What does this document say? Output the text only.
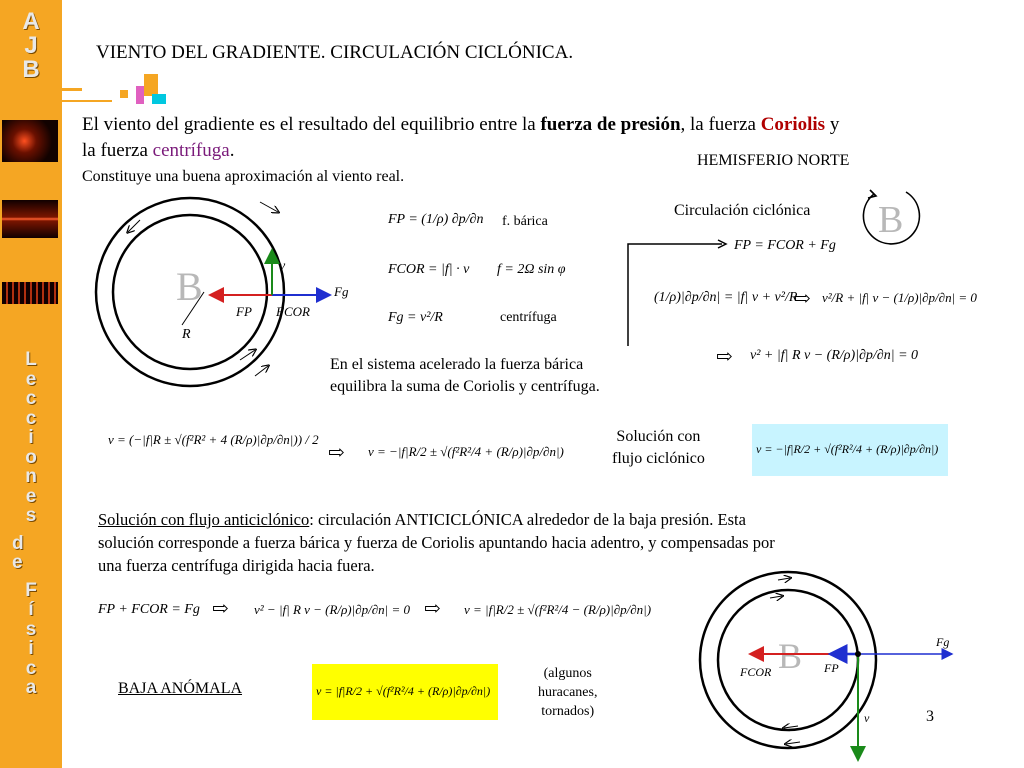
A
J
B
L
e
c
c
i
o
n
e
s
d
e
F
í
s
i
c
a
VIENTO DEL GRADIENTE. CIRCULACIÓN CICLÓNICA.
El viento del gradiente es el resultado del equilibrio entre la fuerza de presión, la fuerza Coriolis y
la fuerza centrífuga.
Constituye una buena aproximación al viento real.
HEMISFERIO NORTE
B
R
v
Fg
FP FCOR
FP = (1/ρ) ∂p/∂n f. bárica
FCOR = |f| · v f = 2Ω sin φ
Fg = v²/R	centrífuga
Circulación ciclónica B
FP = FCOR + Fg
(1/ρ)|∂p/∂n| = |f| v + v²/R
⇨ v²/R + |f| v − (1/ρ)|∂p/∂n| = 0
⇨ v² + |f| R v − (R/ρ)|∂p/∂n| = 0
En el sistema acelerado la fuerza bárica
equilibra la suma de Coriolis y centrífuga.
v = (−|f|R ± √(f²R² + 4 (R/ρ)|∂p/∂n|)) / 2
⇨ v = −|f|R/2 ± √(f²R²/4 + (R/ρ)|∂p/∂n|)
Solución con
flujo ciclónico
v = −|f|R/2 + √(f²R²/4 + (R/ρ)|∂p/∂n|)
Solución con flujo anticiclónico: circulación ANTICICLÓNICA alrededor de la baja presión. Esta
solución corresponde a fuerza bárica y fuerza de Coriolis apuntando hacia adentro, y compensadas por
una fuerza centrífuga dirigida hacia fuera.
FP + FCOR = Fg ⇨ v² − |f| R v − (R/ρ)|∂p/∂n| = 0 ⇨ v = |f|R/2 ± √(f²R²/4 − (R/ρ)|∂p/∂n|)
BAJA ANÓMALA	v = |f|R/2 + √(f²R²/4 + (R/ρ)|∂p/∂n|)
(algunos
huracanes,
tornados)
B	Fg
FCOR	FP
v	3
